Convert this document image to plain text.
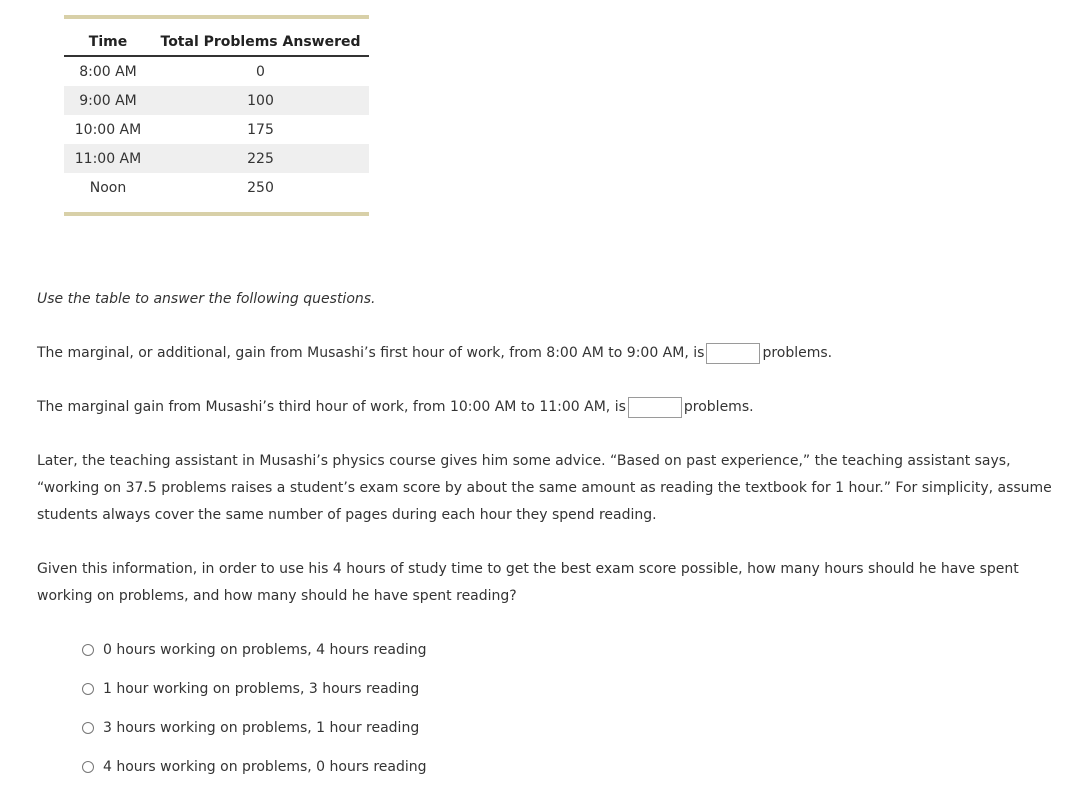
Time	Total Problems Answered
8:00 AM	0
9:00 AM	100
10:00 AM	175
11:00 AM	225
Noon	250
Use the table to answer the following questions.
The marginal, or additional, gain from Musashi’s first hour of work, from 8:00 AM to 9:00 AM, is	problems.
The marginal gain from Musashi’s third hour of work, from 10:00 AM to 11:00 AM, is	problems.
Later, the teaching assistant in Musashi’s physics course gives him some advice. “Based on past experience,” the teaching assistant says, “working on 37.5 problems raises a student’s exam score by about the same amount as reading the textbook for 1 hour.” For simplicity, assume students always cover the same number of pages during each hour they spend reading.
Given this information, in order to use his 4 hours of study time to get the best exam score possible, how many hours should he have spent working on problems, and how many should he have spent reading?
0 hours working on problems, 4 hours reading
1 hour working on problems, 3 hours reading
3 hours working on problems, 1 hour reading
4 hours working on problems, 0 hours reading
